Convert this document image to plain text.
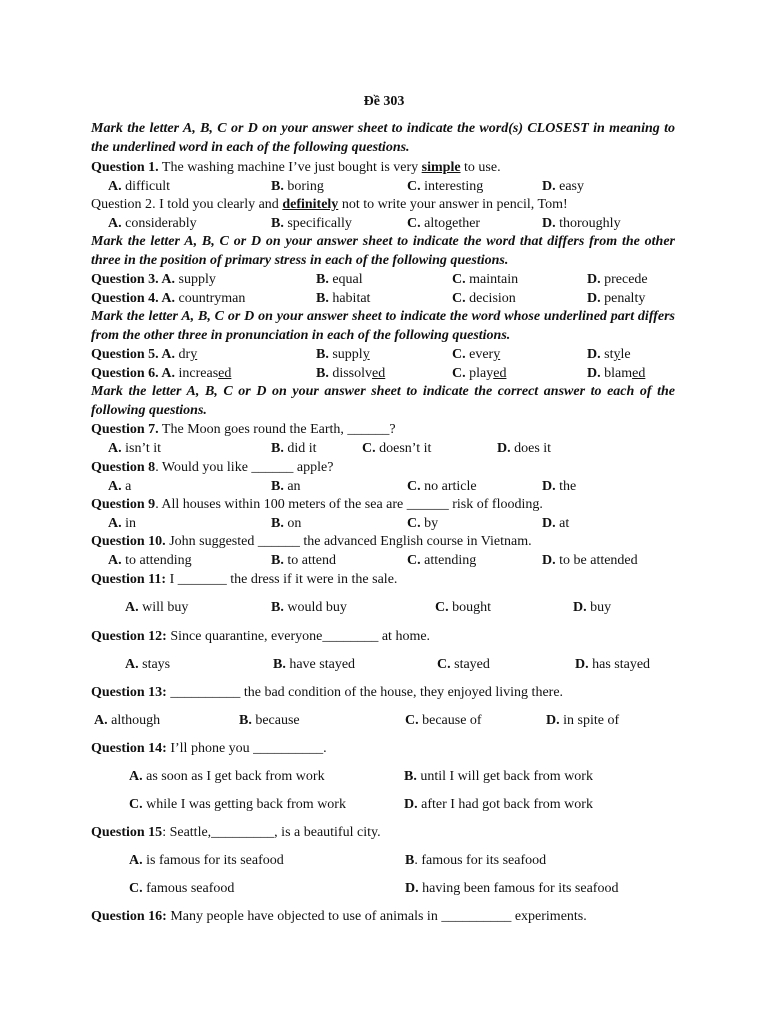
Đề 303
Mark the letter A, B, C or D on your answer sheet to indicate the word(s) CLOSEST in meaning to the underlined word in each of the following questions.
Question 1. The washing machine I’ve just bought is very simple to use.
A. difficult	B. boring	C. interesting	D. easy
Question 2. I told you clearly and definitely not to write your answer in pencil, Tom!
A. considerably	B. specifically	C. altogether	D. thoroughly
Mark the letter A, B, C or D on your answer sheet to indicate the word that differs from the other three in the position of primary stress in each of the following questions.
Question 3. A. supply	B. equal	C. maintain	D. precede
Question 4. A. countryman	B. habitat	C. decision	D. penalty
Mark the letter A, B, C or D on your answer sheet to indicate the word whose underlined part differs from the other three in pronunciation in each of the following questions.
Question 5. A. dry	B. supply	C. every	D. style
Question 6. A. increased	B. dissolved	C. played	D. blamed
Mark the letter A, B, C or D on your answer sheet to indicate the correct answer to each of the following questions.
Question 7. The Moon goes round the Earth, ______?
A. isn’t it	B. did it	C. doesn’t it	D. does it
Question 8. Would you like ______ apple?
A. a	B. an	C. no article	D. the
Question 9. All houses within 100 meters of the sea are ______ risk of flooding.
A. in	B. on	C. by	D. at
Question 10. John suggested ______ the advanced English course in Vietnam.
A. to attending	B. to attend	C. attending	D. to be attended
Question 11: I _______ the dress if it were in the sale.
A. will buy	B. would buy	C. bought	D. buy
Question 12: Since quarantine, everyone________ at home.
A. stays	B. have stayed	C. stayed	D. has stayed
Question 13: __________ the bad condition of the house, they enjoyed living there.
A. although	B. because	C. because of	D. in spite of
Question 14: I’ll phone you __________.
A. as soon as I get back from work	B. until I will get back from work
C. while I was getting back from work	D. after I had got back from work
Question 15: Seattle,_________, is a beautiful city.
A. is famous for its seafood	B. famous for its seafood
C. famous seafood	D. having been famous for its seafood
Question 16: Many people have objected to use of animals in __________ experiments.
